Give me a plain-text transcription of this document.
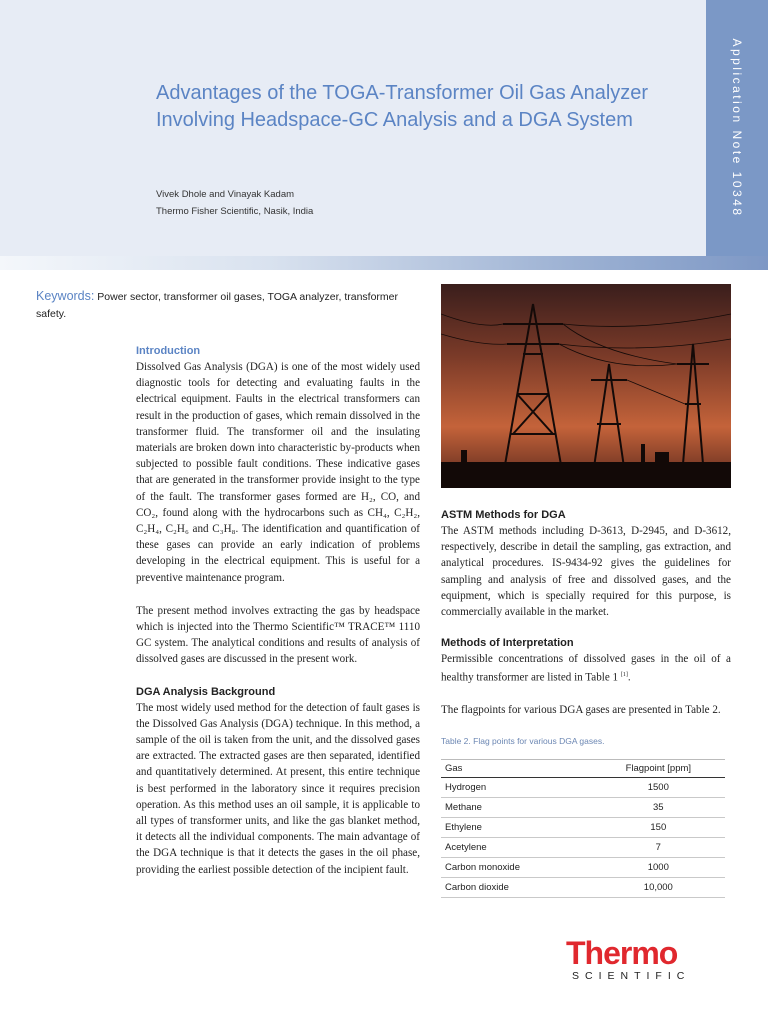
Application Note 10348
Advantages of the TOGA-Transformer Oil Gas Analyzer Involving Headspace-GC Analysis and a DGA System
Vivek Dhole and Vinayak Kadam
Thermo Fisher Scientific, Nasik, India
Keywords: Power sector, transformer oil gases, TOGA analyzer, transformer safety.
Introduction

Dissolved Gas Analysis (DGA) is one of the most widely used diagnostic tools for detecting and evaluating faults in the electrical equipment. Faults in the electrical transformers can result in the production of gases, which remain dissolved in the transformer fluid. The transformer oil and the insulating materials are broken down into characteristic by-products when subjected to possible fault conditions. These indicative gases that are generated in the transformer provide insight to the type of the fault. The transformer gases formed are H₂, CO, and CO₂, found along with the hydrocarbons such as CH₄, C₂H₂, C₂H₄, C₂H₆ and C₃H₈. The identification and quantification of these gases can provide an early indication of problems developing in the electrical equipment. This is useful for a preventive maintenance program.

The present method involves extracting the gas by headspace which is injected into the Thermo Scientific™ TRACE™ 1110 GC system. The analytical conditions and results of analysis of dissolved gases are discussed in the present work.

DGA Analysis Background

The most widely used method for the detection of fault gases is the Dissolved Gas Analysis (DGA) technique. In this method, a sample of the oil is taken from the unit, and the dissolved gases are extracted. The extracted gases are then separated, identified and quantitatively determined. At present, this entire technique is best performed in the laboratory since it requires precision operation. As this method uses an oil sample, it is applicable to all types of transformer units, and like the gas blanket method, it detects all the individual components. The main advantage of the DGA technique is that it detects the gases in the oil phase, providing the earliest possible detection of the incipient fault.

ASTM Methods for DGA

The ASTM methods including D-3613, D-2945, and D-3612, respectively, describe in detail the sampling, gas extraction, and analytical procedures. IS-9434-92 gives the guidelines for sampling and analysis of free and dissolved gases, and the equipment, which is specially required for this purpose, is commercially available in the market.

Methods of Interpretation

Permissible concentrations of dissolved gases in the oil of a healthy transformer are listed in Table 1 [1].

The flagpoints for various DGA gases are presented in Table 2.

Table 2. Flag points for various DGA gases.

Gas	Flagpoint [ppm]
Hydrogen	1500
Methane	35
Ethylene	150
Acetylene	7
Carbon monoxide	1000
Carbon dioxide	10,000
Thermo
SCIENTIFIC
